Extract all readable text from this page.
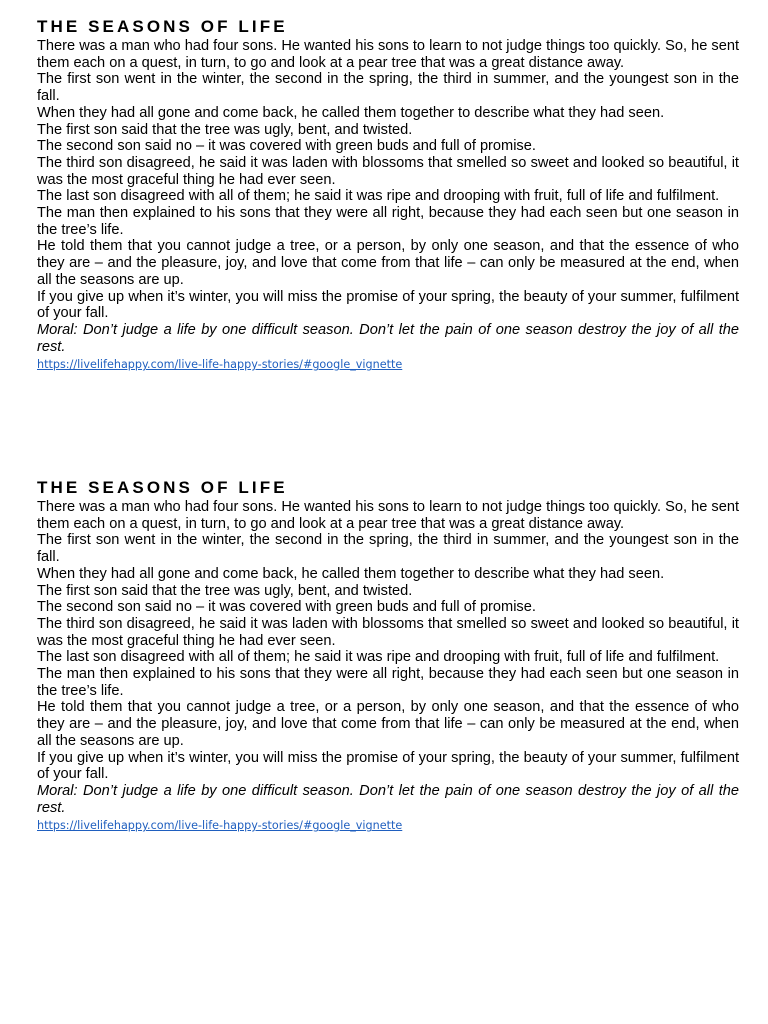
THE SEASONS OF LIFE

There was a man who had four sons. He wanted his sons to learn to not judge things too quickly. So, he sent them each on a quest, in turn, to go and look at a pear tree that was a great distance away.

The first son went in the winter, the second in the spring, the third in summer, and the youngest son in the fall.

When they had all gone and come back, he called them together to describe what they had seen.

The first son said that the tree was ugly, bent, and twisted.

The second son said no – it was covered with green buds and full of promise.

The third son disagreed, he said it was laden with blossoms that smelled so sweet and looked so beautiful, it was the most graceful thing he had ever seen.

The last son disagreed with all of them; he said it was ripe and drooping with fruit, full of life and fulfilment.

The man then explained to his sons that they were all right, because they had each seen but one season in the tree’s life.

He told them that you cannot judge a tree, or a person, by only one season, and that the essence of who they are – and the pleasure, joy, and love that come from that life – can only be measured at the end, when all the seasons are up.

If you give up when it’s winter, you will miss the promise of your spring, the beauty of your summer, fulfilment of your fall.

Moral: Don’t judge a life by one difficult season. Don’t let the pain of one season destroy the joy of all the rest.

https://livelifehappy.com/live-life-happy-stories/#google_vignette
THE SEASONS OF LIFE

There was a man who had four sons. He wanted his sons to learn to not judge things too quickly. So, he sent them each on a quest, in turn, to go and look at a pear tree that was a great distance away.

The first son went in the winter, the second in the spring, the third in summer, and the youngest son in the fall.

When they had all gone and come back, he called them together to describe what they had seen.

The first son said that the tree was ugly, bent, and twisted.

The second son said no – it was covered with green buds and full of promise.

The third son disagreed, he said it was laden with blossoms that smelled so sweet and looked so beautiful, it was the most graceful thing he had ever seen.

The last son disagreed with all of them; he said it was ripe and drooping with fruit, full of life and fulfilment.

The man then explained to his sons that they were all right, because they had each seen but one season in the tree’s life.

He told them that you cannot judge a tree, or a person, by only one season, and that the essence of who they are – and the pleasure, joy, and love that come from that life – can only be measured at the end, when all the seasons are up.

If you give up when it’s winter, you will miss the promise of your spring, the beauty of your summer, fulfilment of your fall.

Moral: Don’t judge a life by one difficult season. Don’t let the pain of one season destroy the joy of all the rest.

https://livelifehappy.com/live-life-happy-stories/#google_vignette
